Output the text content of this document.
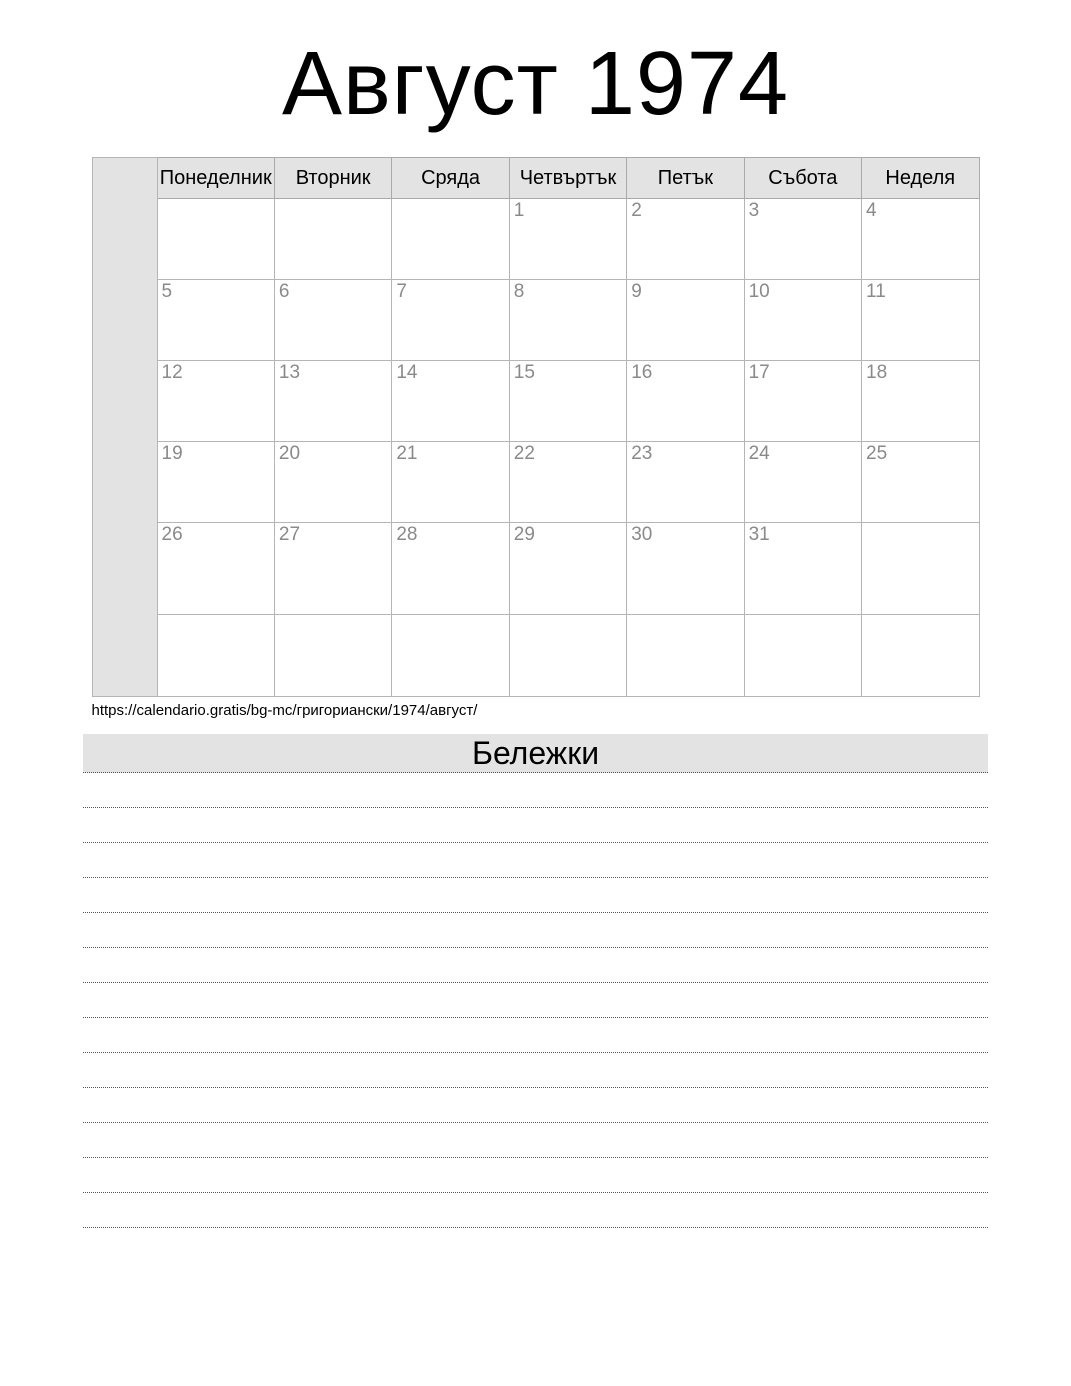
Август 1974
	Понеделник	Вторник	Сряда	Четвъртък	Петък	Събота	Неделя
				1	2	3	4
	5	6	7	8	9	10	11
	12	13	14	15	16	17	18
	19	20	21	22	23	24	25
	26	27	28	29	30	31	

https://calendario.gratis/bg-mc/григориански/1974/август/
Бележки
